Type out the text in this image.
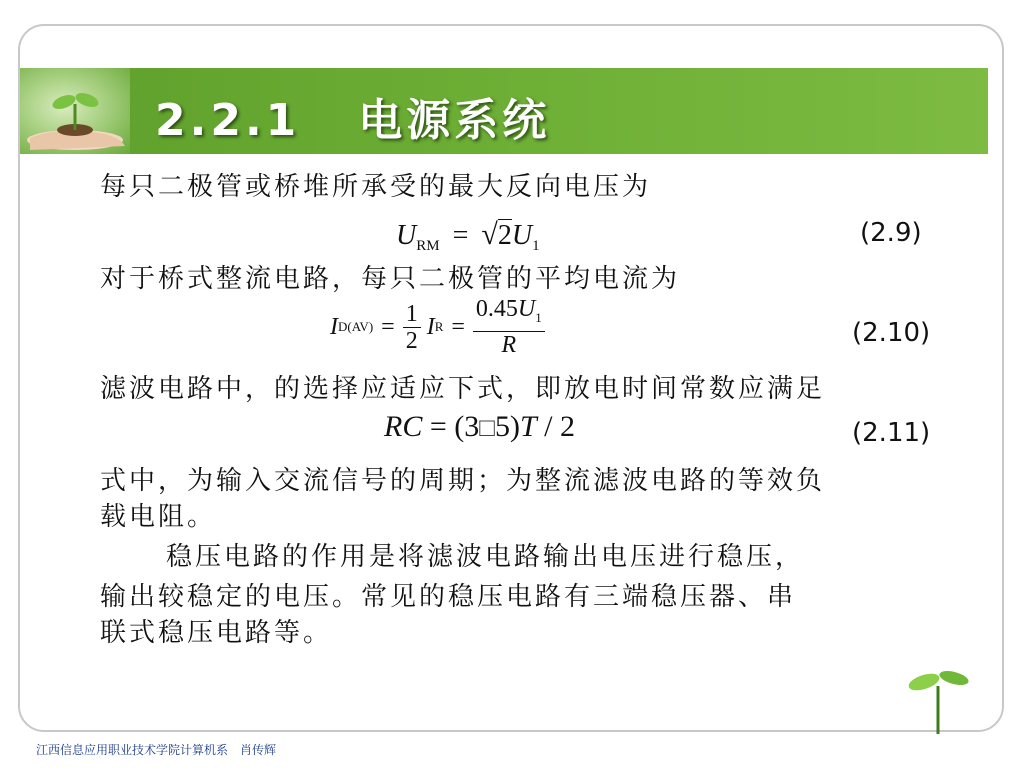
2.2.1 电源系统
每只二极管或桥堆所承受的最大反向电压为
$U_{RM} = √2U_1$	(2.9)
对于桥式整流电路，每只二极管的平均电流为
I $D(AV) = \frac{1}{2}$ I $R = \frac{0.45U_1}{R}$	(2.10)
滤波电路中，的选择应适应下式，即放电时间常数应满足
RC = (3□5)T / 2	(2.11)
式中，为输入交流信号的周期；为整流滤波电路的等效负
载电阻。
稳压电路的作用是将滤波电路输出电压进行稳压，
输出较稳定的电压。常见的稳压电路有三端稳压器、串
联式稳压电路等。
江西信息应用职业技术学院计算机系　肖传辉
